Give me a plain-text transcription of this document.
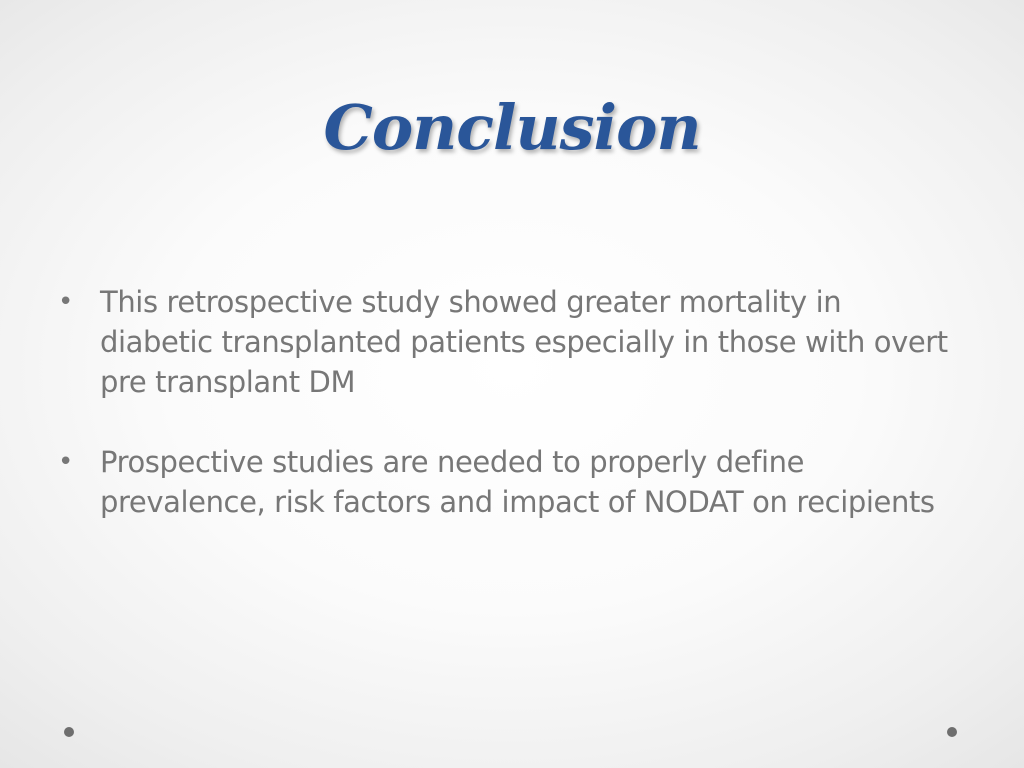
Conclusion
• This retrospective study showed greater mortality in diabetic transplanted patients especially in those with overt pre transplant DM
• Prospective studies are needed to properly define prevalence, risk factors and impact of NODAT on recipients
